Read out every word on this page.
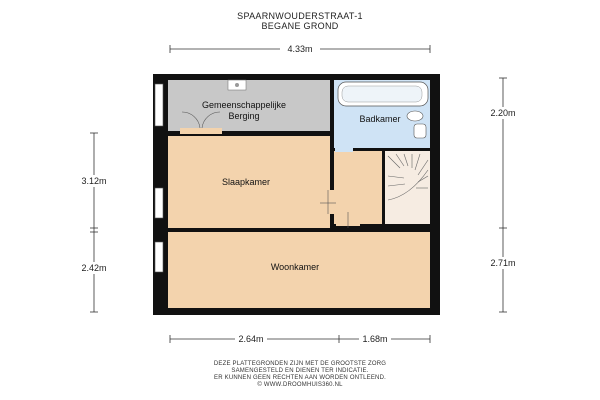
SPAARNWOUDERSTRAAT-1
BEGANE GROND
4.33m
2.64m	1.68m
3.12m
2.42m
2.20m
2.71m
Gemeenschappelijke
Berging	Badkamer
Slaapkamer
Woonkamer
DEZE PLATTEGRONDEN ZIJN MET DE GROOTSTE ZORG
SAMENGESTELD EN DIENEN TER INDICATIE.
ER KUNNEN GEEN RECHTEN AAN WORDEN ONTLEEND.
© WWW.DROOMHUIS360.NL
